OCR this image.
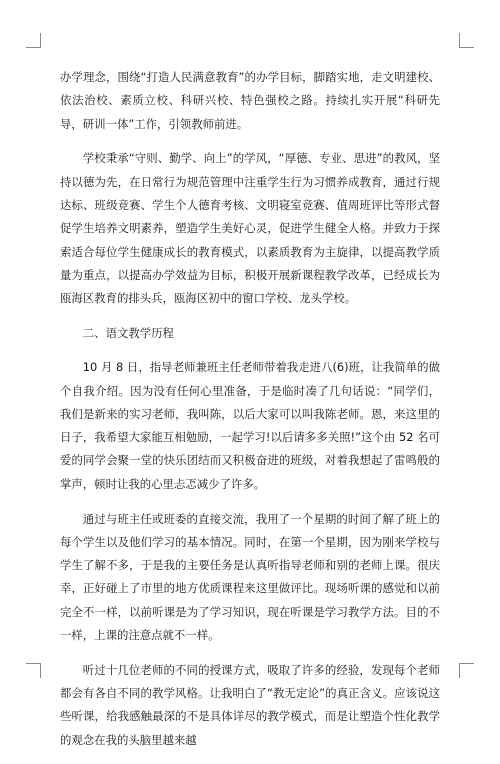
办学理念，围绕“打造人民满意教育”的办学目标，脚踏实地，走文明建校、依法治校、素质立校、科研兴校、特色强校之路。持续扎实开展“科研先导，研训一体”工作，引领教师前进。

学校秉承“守则、勤学、向上”的学风，“厚德、专业、思进”的教风，坚持以德为先，在日常行为规范管理中注重学生行为习惯养成教育，通过行规达标、班级竞赛、学生个人德育考核、文明寝室竞赛、值周班评比等形式督促学生培养文明素养，塑造学生美好心灵，促进学生健全人格。并致力于探索适合每位学生健康成长的教育模式，以素质教育为主旋律，以提高教学质量为重点，以提高办学效益为目标，积极开展新课程教学改革，已经成长为瓯海区教育的排头兵，瓯海区初中的窗口学校、龙头学校。

二、语文教学历程

10 月 8 日，指导老师兼班主任老师带着我走进八(6)班，让我简单的做个自我介绍。因为没有任何心里准备，于是临时凑了几句话说：“同学们，我们是新来的实习老师，我叫陈，以后大家可以叫我陈老师。恩，来这里的日子，我希望大家能互相勉励，一起学习!以后请多多关照!”这个由 52 名可爱的同学会聚一堂的快乐团结而又积极奋进的班级，对着我想起了雷鸣般的掌声，顿时让我的心里忐忑减少了许多。

通过与班主任或班委的直接交流，我用了一个星期的时间了解了班上的每个学生以及他们学习的基本情况。同时，在第一个星期，因为刚来学校与学生了解不多，于是我的主要任务是认真听指导老师和别的老师上课。很庆幸，正好碰上了市里的地方优质课程来这里做评比。现场听课的感觉和以前完全不一样，以前听课是为了学习知识，现在听课是学习教学方法。目的不一样，上课的注意点就不一样。

听过十几位老师的不同的授课方式，吸取了许多的经验，发现每个老师都会有各自不同的教学风格。让我明白了“教无定论”的真正含义。应该说这些听课，给我感触最深的不是具体详尽的教学模式，而是让塑造个性化教学的观念在我的头脑里越来越
